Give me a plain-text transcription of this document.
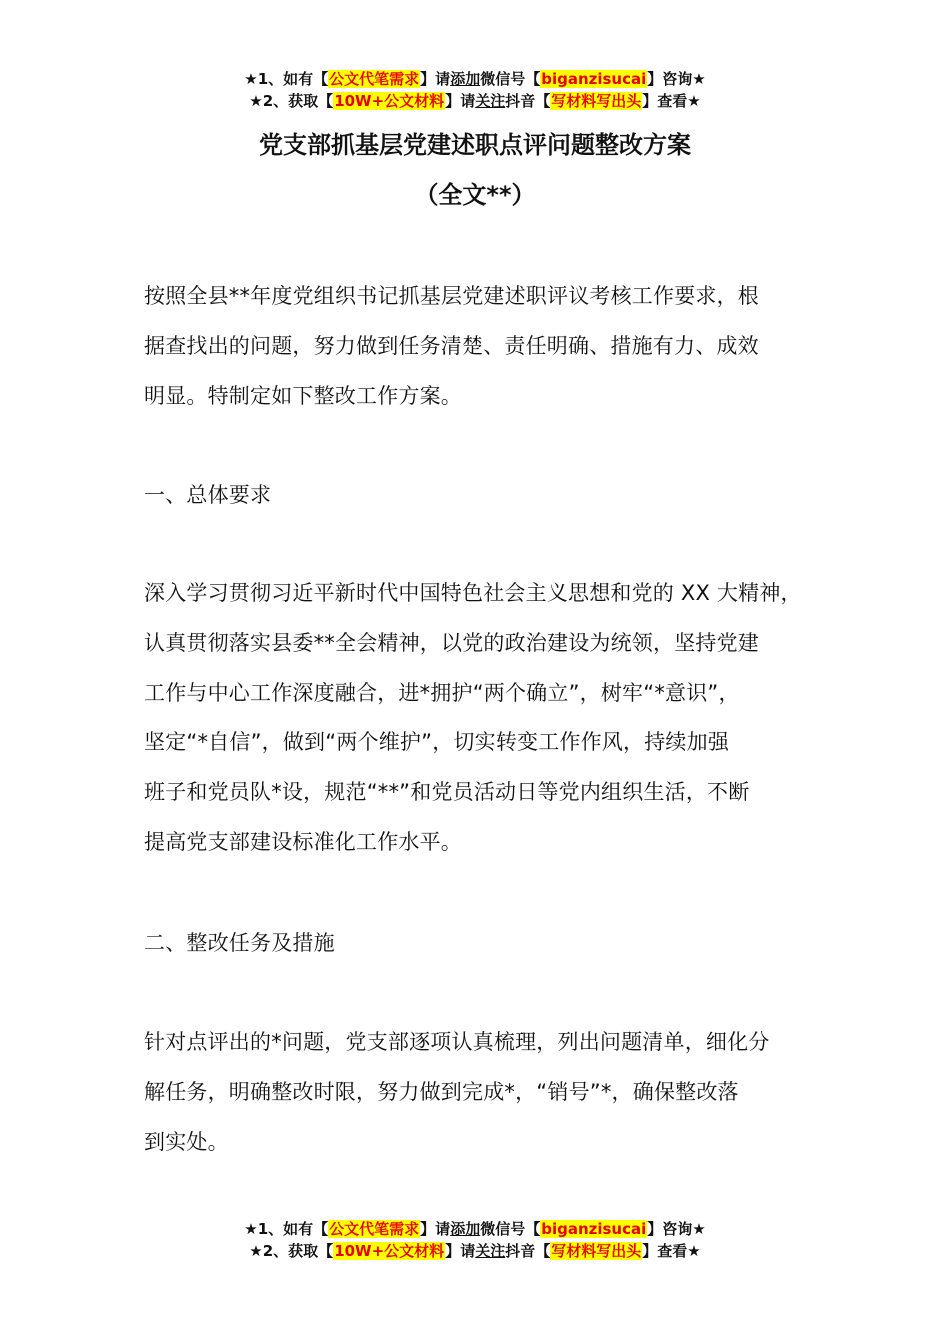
★1、如有【公文代笔需求】请添加微信号【biganzisucai】咨询★
★2、获取【10W+公文材料】请关注抖音【写材料写出头】查看★
党支部抓基层党建述职点评问题整改方案
（全文**）

按照全县**年度党组织书记抓基层党建述职评议考核工作要求，根
据查找出的问题，努力做到任务清楚、责任明确、措施有力、成效
明显。特制定如下整改工作方案。

一、总体要求

深入学习贯彻习近平新时代中国特色社会主义思想和党的 XX 大精神，
认真贯彻落实县委**全会精神，以党的政治建设为统领，坚持党建
工作与中心工作深度融合，进*拥护“两个确立”，树牢“*意识”，
坚定“*自信”，做到“两个维护”，切实转变工作作风，持续加强
班子和党员队*设，规范“**”和党员活动日等党内组织生活，不断
提高党支部建设标准化工作水平。

二、整改任务及措施

针对点评出的*问题，党支部逐项认真梳理，列出问题清单，细化分
解任务，明确整改时限，努力做到完成*，“销号”*，确保整改落
到实处。

★1、如有【公文代笔需求】请添加微信号【biganzisucai】咨询★
★2、获取【10W+公文材料】请关注抖音【写材料写出头】查看★
